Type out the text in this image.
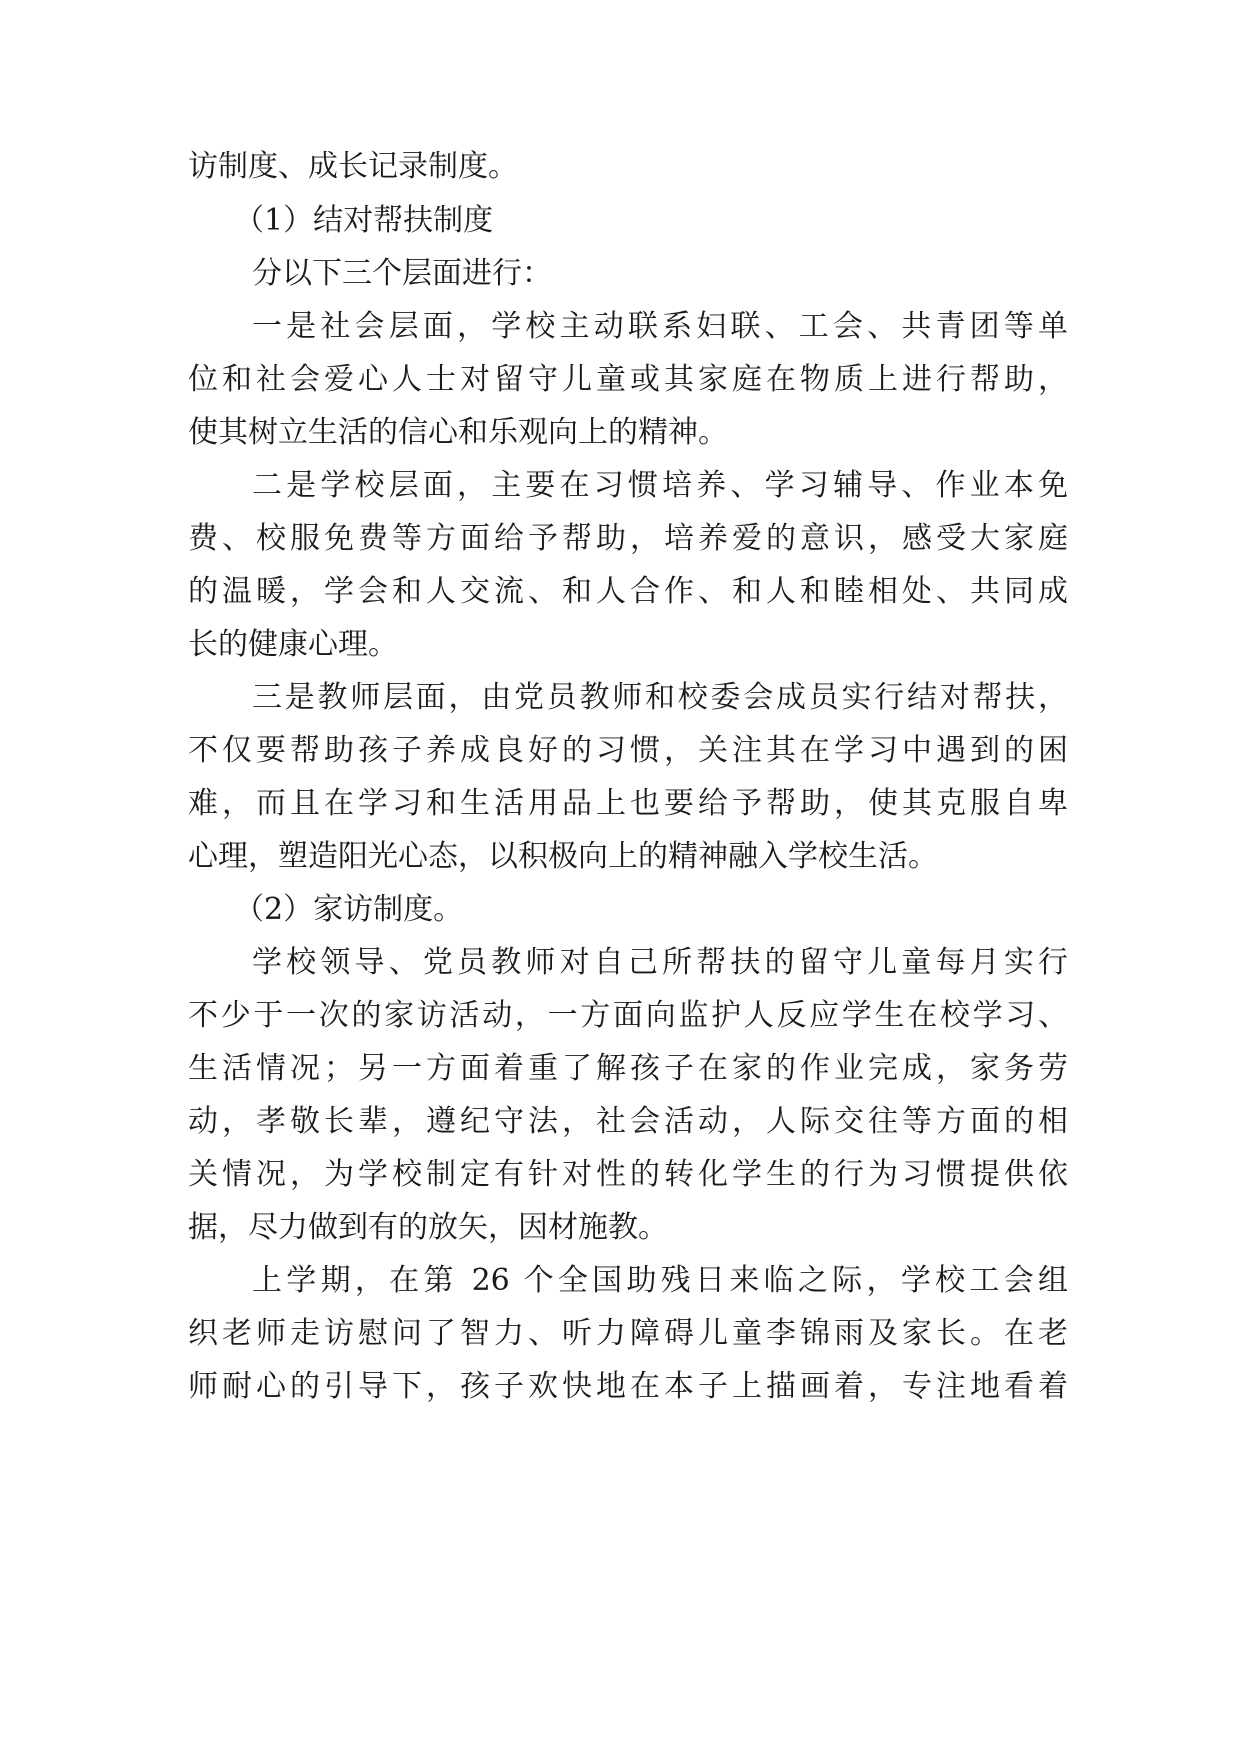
访制度、成长记录制度。
（1）结对帮扶制度
分以下三个层面进行：
一是社会层面，学校主动联系妇联、工会、共青团等单
位和社会爱心人士对留守儿童或其家庭在物质上进行帮助，
使其树立生活的信心和乐观向上的精神。
二是学校层面，主要在习惯培养、学习辅导、作业本免
费、校服免费等方面给予帮助，培养爱的意识，感受大家庭
的温暖，学会和人交流、和人合作、和人和睦相处、共同成
长的健康心理。
三是教师层面，由党员教师和校委会成员实行结对帮扶，
不仅要帮助孩子养成良好的习惯，关注其在学习中遇到的困
难，而且在学习和生活用品上也要给予帮助，使其克服自卑
心理，塑造阳光心态，以积极向上的精神融入学校生活。
（2）家访制度。
学校领导、党员教师对自己所帮扶的留守儿童每月实行
不少于一次的家访活动，一方面向监护人反应学生在校学习、
生活情况；另一方面着重了解孩子在家的作业完成，家务劳
动，孝敬长辈，遵纪守法，社会活动，人际交往等方面的相
关情况，为学校制定有针对性的转化学生的行为习惯提供依
据，尽力做到有的放矢，因材施教。
上学期，在第 26 个全国助残日来临之际，学校工会组
织老师走访慰问了智力、听力障碍儿童李锦雨及家长。在老
师耐心的引导下，孩子欢快地在本子上描画着，专注地看着
